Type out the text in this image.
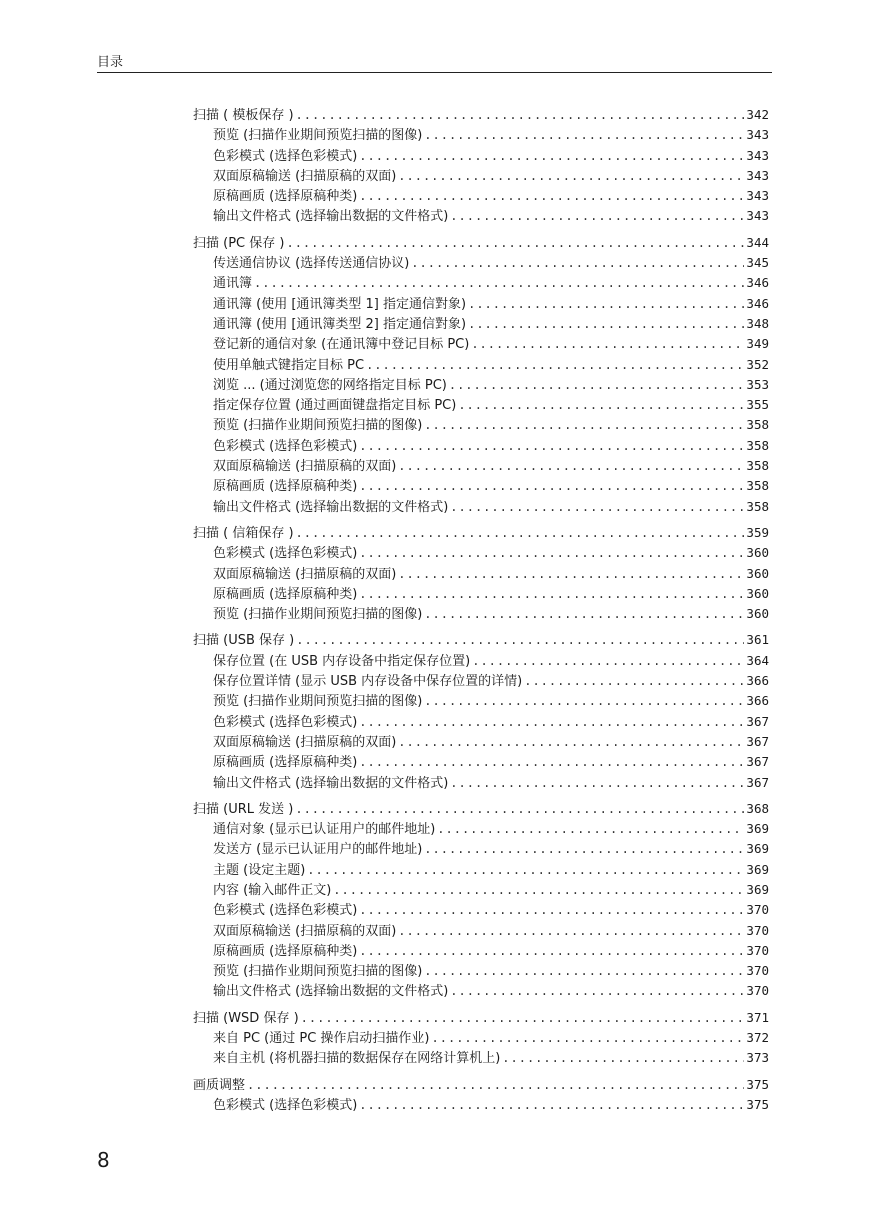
目录
扫描 ( 模板保存 ) .....	342
预览 (扫描作业期间预览扫描的图像) .....	343
色彩模式 (选择色彩模式) .....	343
双面原稿输送 (扫描原稿的双面) .....	343
原稿画质 (选择原稿种类) .....	343
输出文件格式 (选择输出数据的文件格式) .....	343
扫描 (PC 保存 ) .....	344
传送通信协议 (选择传送通信协议) .....	345
通讯簿 .....	346
通讯簿 (使用 [通讯簿类型 1] 指定通信對象) .....	346
通讯簿 (使用 [通讯簿类型 2] 指定通信對象) .....	348
登记新的通信对象 (在通讯簿中登记目标 PC) .....	349
使用单触式键指定目标 PC .....	352
浏览 ... (通过浏览您的网络指定目标 PC) .....	353
指定保存位置 (通过画面键盘指定目标 PC) .....	355
预览 (扫描作业期间预览扫描的图像) .....	358
色彩模式 (选择色彩模式) .....	358
双面原稿输送 (扫描原稿的双面) .....	358
原稿画质 (选择原稿种类) .....	358
输出文件格式 (选择输出数据的文件格式) .....	358
扫描 ( 信箱保存 ) .....	359
色彩模式 (选择色彩模式) .....	360
双面原稿输送 (扫描原稿的双面) .....	360
原稿画质 (选择原稿种类) .....	360
预览 (扫描作业期间预览扫描的图像) .....	360
扫描 (USB 保存 ) .....	361
保存位置 (在 USB 内存设备中指定保存位置) .....	364
保存位置详情 (显示 USB 内存设备中保存位置的详情) .....	366
预览 (扫描作业期间预览扫描的图像) .....	366
色彩模式 (选择色彩模式) .....	367
双面原稿输送 (扫描原稿的双面) .....	367
原稿画质 (选择原稿种类) .....	367
输出文件格式 (选择输出数据的文件格式) .....	367
扫描 (URL 发送 ) .....	368
通信对象 (显示已认证用户的邮件地址) .....	369
发送方 (显示已认证用户的邮件地址) .....	369
主题 (设定主题) .....	369
内容 (输入邮件正文) .....	369
色彩模式 (选择色彩模式) .....	370
双面原稿输送 (扫描原稿的双面) .....	370
原稿画质 (选择原稿种类) .....	370
预览 (扫描作业期间预览扫描的图像) .....	370
输出文件格式 (选择输出数据的文件格式) .....	370
扫描 (WSD 保存 ) .....	371
来自 PC (通过 PC 操作启动扫描作业) .....	372
来自主机 (将机器扫描的数据保存在网络计算机上) .....	373
画质调整 .....	375
色彩模式 (选择色彩模式) .....	375
8
